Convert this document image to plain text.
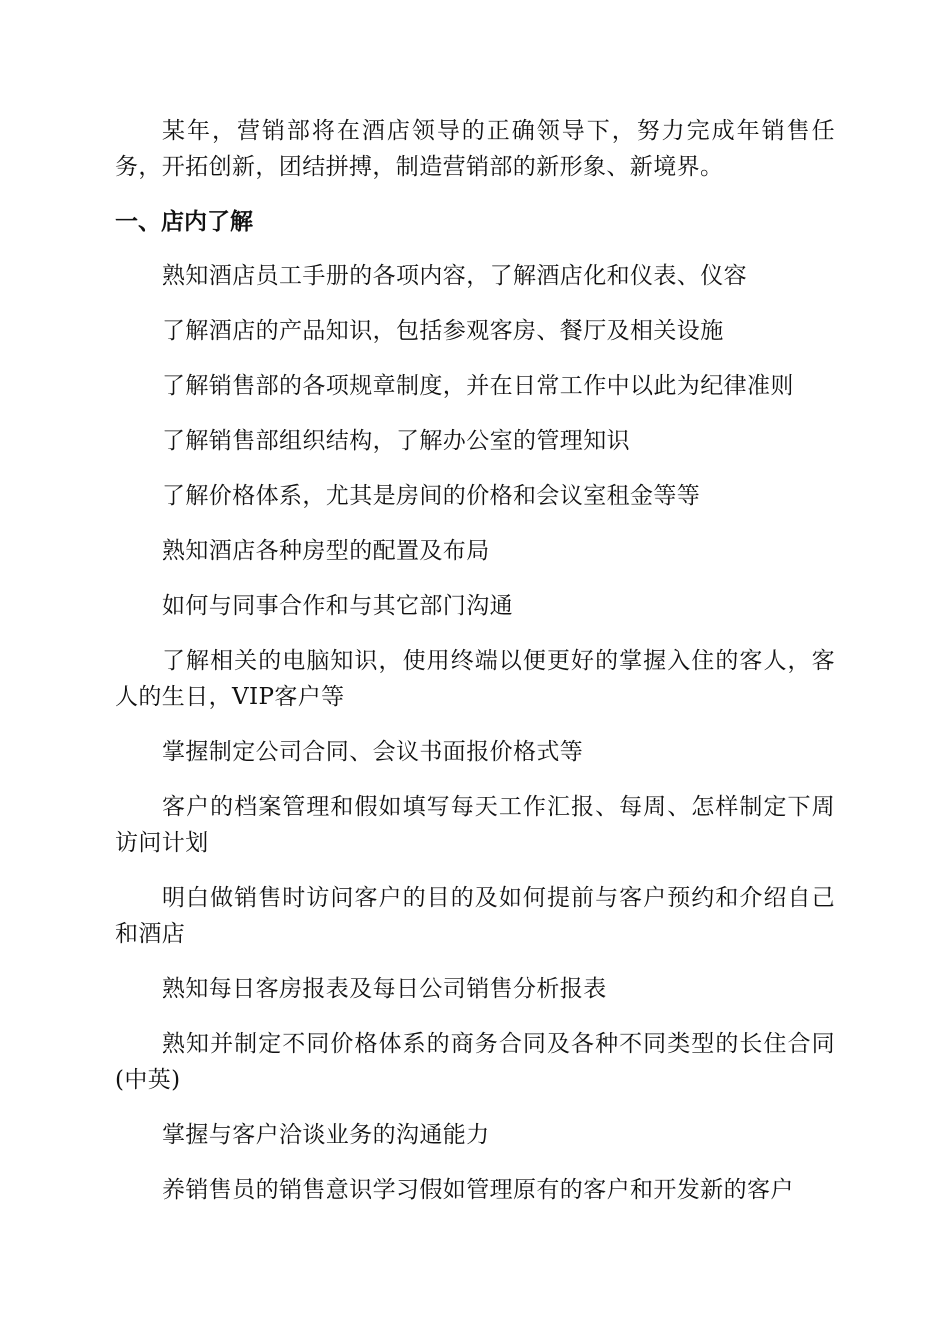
某年，营销部将在酒店领导的正确领导下，努力完成年销售任务，开拓创新，团结拼搏，制造营销部的新形象、新境界。

一、店内了解

熟知酒店员工手册的各项内容，了解酒店化和仪表、仪容

了解酒店的产品知识，包括参观客房、餐厅及相关设施

了解销售部的各项规章制度，并在日常工作中以此为纪律准则

了解销售部组织结构，了解办公室的管理知识

了解价格体系，尤其是房间的价格和会议室租金等等

熟知酒店各种房型的配置及布局

如何与同事合作和与其它部门沟通

了解相关的电脑知识，使用终端以便更好的掌握入住的客人，客人的生日，VIP客户等

掌握制定公司合同、会议书面报价格式等

客户的档案管理和假如填写每天工作汇报、每周、怎样制定下周访问计划

明白做销售时访问客户的目的及如何提前与客户预约和介绍自己和酒店

熟知每日客房报表及每日公司销售分析报表

熟知并制定不同价格体系的商务合同及各种不同类型的长住合同(中英)

掌握与客户洽谈业务的沟通能力

养销售员的销售意识学习假如管理原有的客户和开发新的客户
